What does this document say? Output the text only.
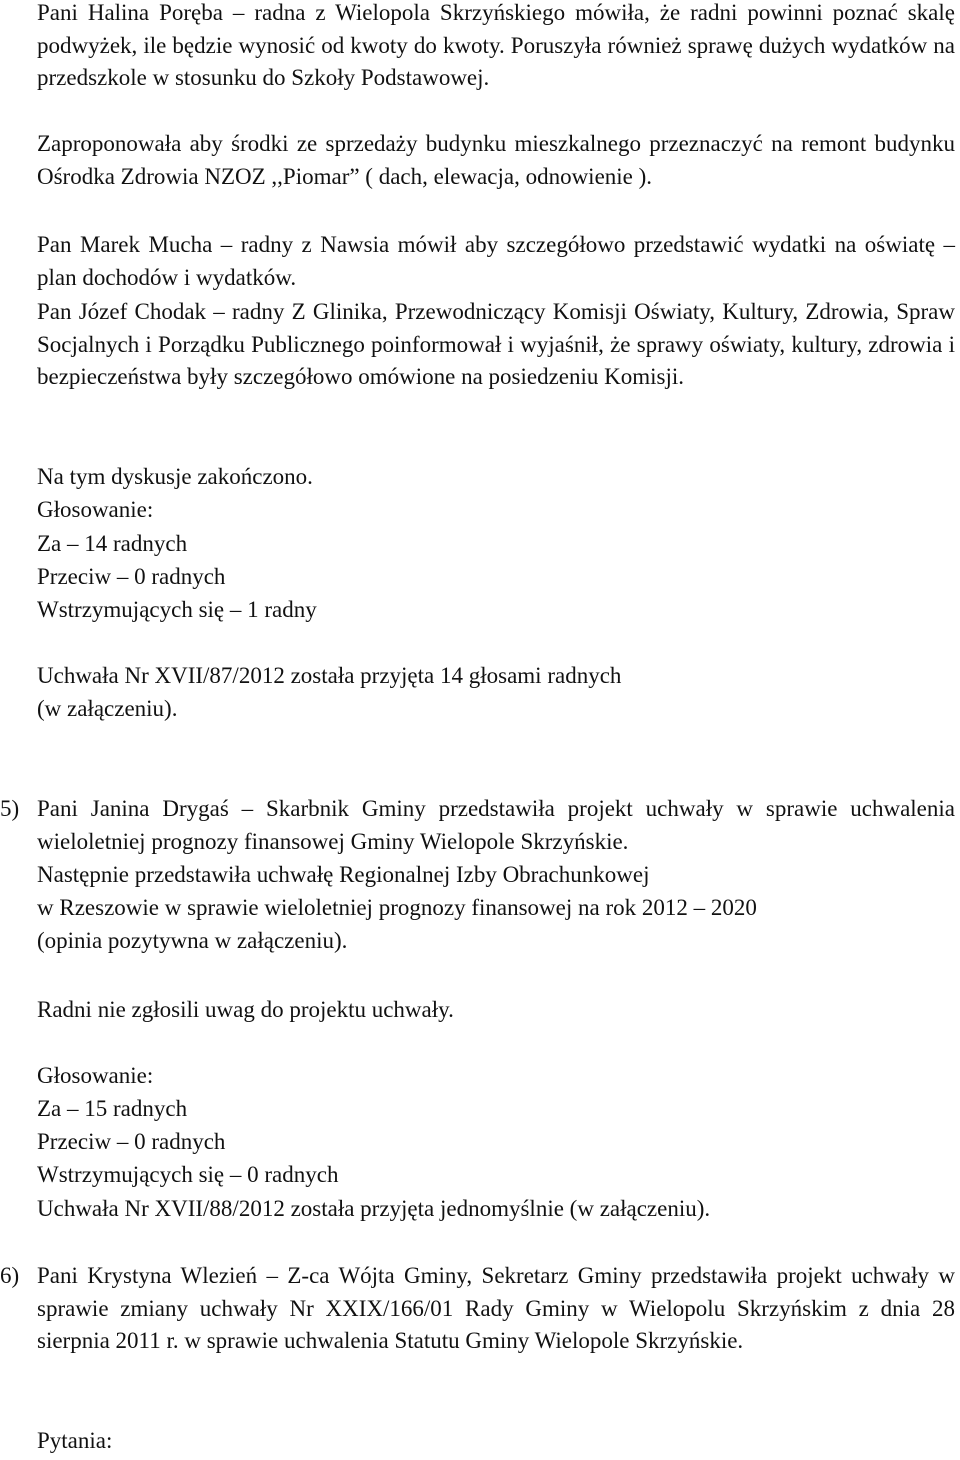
Pani Halina Poręba – radna z Wielopola Skrzyńskiego mówiła, że radni powinni poznać skalę podwyżek, ile będzie wynosić od kwoty do kwoty. Poruszyła również sprawę dużych wydatków na przedszkole w stosunku do Szkoły Podstawowej.

Zaproponowała aby środki ze sprzedaży budynku mieszkalnego przeznaczyć na remont budynku Ośrodka Zdrowia NZOZ ,,Piomar” ( dach, elewacja, odnowienie ).

Pan Marek Mucha – radny z Nawsia mówił aby szczegółowo przedstawić wydatki na oświatę – plan dochodów i wydatków.

Pan Józef Chodak – radny Z Glinika, Przewodniczący Komisji Oświaty, Kultury, Zdrowia, Spraw Socjalnych i Porządku Publicznego poinformował i wyjaśnił, że sprawy oświaty, kultury, zdrowia i bezpieczeństwa były szczegółowo omówione na posiedzeniu Komisji.

Na tym dyskusje zakończono.

Głosowanie:

Za – 14 radnych

Przeciw – 0 radnych

Wstrzymujących się – 1 radny

Uchwała Nr XVII/87/2012 została przyjęta 14 głosami radnych

(w załączeniu).

5) Pani Janina Drygaś – Skarbnik Gminy przedstawiła projekt uchwały w sprawie uchwalenia wieloletniej prognozy finansowej Gminy Wielopole Skrzyńskie.

Następnie przedstawiła uchwałę Regionalnej Izby Obrachunkowej
w Rzeszowie w sprawie wieloletniej prognozy finansowej na rok 2012 – 2020
(opinia pozytywna w załączeniu).

Radni nie zgłosili uwag do projektu uchwały.

Głosowanie:

Za – 15 radnych

Przeciw – 0 radnych

Wstrzymujących się – 0 radnych

Uchwała Nr XVII/88/2012 została przyjęta jednomyślnie (w załączeniu).

6) Pani Krystyna Wlezień – Z-ca Wójta Gminy, Sekretarz Gminy przedstawiła projekt uchwały w sprawie zmiany uchwały Nr XXIX/166/01 Rady Gminy w Wielopolu Skrzyńskim z dnia 28 sierpnia 2011 r. w sprawie uchwalenia Statutu Gminy Wielopole Skrzyńskie.

Pytania:
